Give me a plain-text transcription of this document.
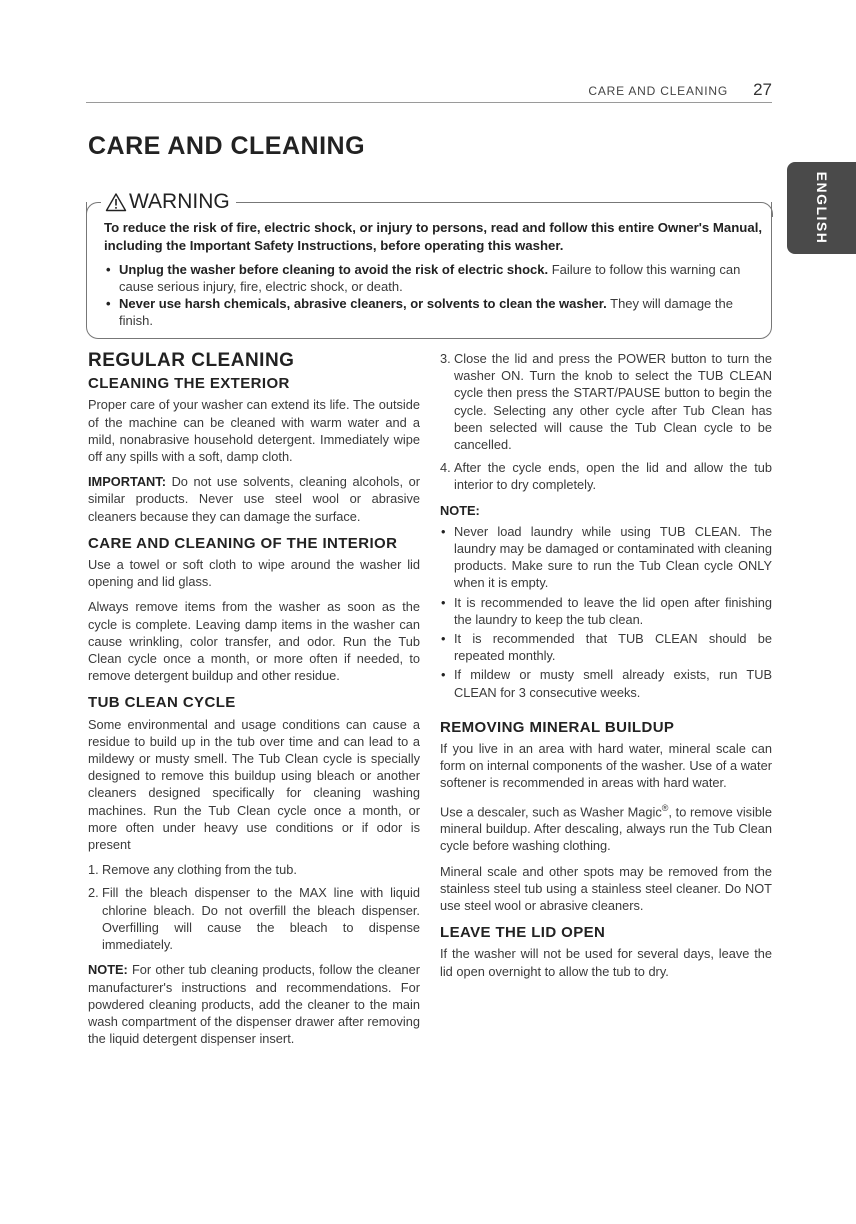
CARE AND CLEANING 27
ENGLISH
CARE AND CLEANING
WARNING

To reduce the risk of fire, electric shock, or injury to persons, read and follow this entire Owner's Manual, including the Important Safety Instructions, before operating this washer.

• Unplug the washer before cleaning to avoid the risk of electric shock. Failure to follow this warning can cause serious injury, fire, electric shock, or death.
• Never use harsh chemicals, abrasive cleaners, or solvents to clean the washer. They will damage the finish.
REGULAR CLEANING
CLEANING THE EXTERIOR

Proper care of your washer can extend its life. The outside of the machine can be cleaned with warm water and a mild, nonabrasive household detergent. Immediately wipe off any spills with a soft, damp cloth.

IMPORTANT: Do not use solvents, cleaning alcohols, or similar products. Never use steel wool or abrasive cleaners because they can damage the surface.

CARE AND CLEANING OF THE INTERIOR

Use a towel or soft cloth to wipe around the washer lid opening and lid glass.

Always remove items from the washer as soon as the cycle is complete. Leaving damp items in the washer can cause wrinkling, color transfer, and odor. Run the Tub Clean cycle once a month, or more often if needed, to remove detergent buildup and other residue.

TUB CLEAN CYCLE

Some environmental and usage conditions can cause a residue to build up in the tub over time and can lead to a mildewy or musty smell. The Tub Clean cycle is specially designed to remove this buildup using bleach or another cleaners designed specifically for cleaning washing machines. Run the Tub Clean cycle once a month, or more often under heavy use conditions or if odor is present

1. Remove any clothing from the tub.
2. Fill the bleach dispenser to the MAX line with liquid chlorine bleach. Do not overfill the bleach dispenser. Overfilling will cause the bleach to dispense immediately.

NOTE: For other tub cleaning products, follow the cleaner manufacturer's instructions and recommendations. For powdered cleaning products, add the cleaner to the main wash compartment of the dispenser drawer after removing the liquid detergent dispenser insert.

3. Close the lid and press the POWER button to turn the washer ON. Turn the knob to select the TUB CLEAN cycle then press the START/PAUSE button to begin the cycle. Selecting any other cycle after Tub Clean has been selected will cause the Tub Clean cycle to be cancelled.
4. After the cycle ends, open the lid and allow the tub interior to dry completely.

NOTE:

• Never load laundry while using TUB CLEAN. The laundry may be damaged or contaminated with cleaning products. Make sure to run the Tub Clean cycle ONLY when it is empty.
• It is recommended to leave the lid open after finishing the laundry to keep the tub clean.
• It is recommended that TUB CLEAN should be repeated monthly.
• If mildew or musty smell already exists, run TUB CLEAN for 3 consecutive weeks.
REMOVING MINERAL BUILDUP

If you live in an area with hard water, mineral scale can form on internal components of the washer. Use of a water softener is recommended in areas with hard water.

Use a descaler, such as Washer Magic®, to remove visible mineral buildup. After descaling, always run the Tub Clean cycle before washing clothing.

Mineral scale and other spots may be removed from the stainless steel tub using a stainless steel cleaner. Do NOT use steel wool or abrasive cleaners.

LEAVE THE LID OPEN

If the washer will not be used for several days, leave the lid open overnight to allow the tub to dry.
